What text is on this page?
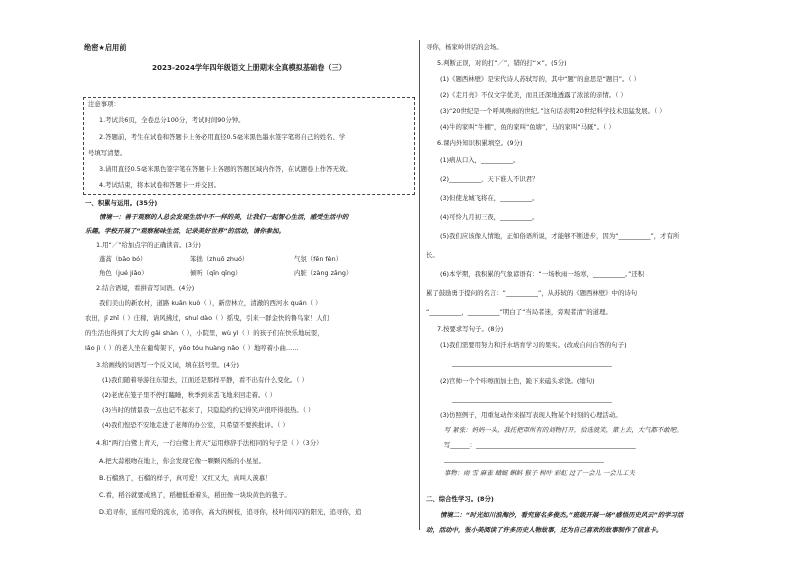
绝密★启用前
2023-2024学年四年级语文上册期末全真模拟基础卷（三）
注意事项：
1.考试共6页，全卷总分100分，考试时间90分钟。
2.答题前，考生在试卷和答题卡上务必用直径0.5毫米黑色墨水签字笔将自己的姓名、学
号填写清楚。
3.请用直径0.5毫米黑色签字笔在答题卡上各题的答题区域内作答，在试题卷上作答无效。
4.考试结束，将本试卷和答题卡一并交回。
一、积累与运用。(35分)
情境一：善于观察的人总会发现生活中不一样的美，让我们一起智心生活，感受生活中的
乐趣。学校开展了“观察秘味生活，记录美好世界”的活动，请你参加。
1.用“／”给加点字的正确读音。(3分)
蓬蒿（bāo bó）	笨拙（zhuō zhuó）	气氛（fēn fèn）
角色（jué jiǎo）	倾听（qīn qīng）	内脏（zàng zāng）
2.结合语境，看拼音写词语。(4分)
我们美山的新农村，道路 kuān kuò（ ），新房林立，清澈的西河水 quán（ ）
农田，jī zhǐ（ ）庄稼，请风拂过，shuí dào（ ）摇曳，引来一群金快的鲁鸟家！人们
的生活也得到了大大的 gǎi shàn（ ），小院里，wù yì（ ）的孩子们在快乐地玩耍，
lǎo jì（ ）的老人坐在葡萄架下，yōo tóu huàng nǎo（ ）地哼着小曲……
3.给画线的词语写一个反义词，填在括号里。(4分)
(1)我们随着导游往东望去，江面还是那样平静，看不出有什么变化。（ ）
(2)老虎在笼子里不停打瞌睡，秋季到来丢飞地来回走着。（ ）
(3)当时的情景我一点也记不起来了，只隐隐约约记得笑声很吓得很热。（ ）
(4)我们惶恐不安地走进了老师的办公室，只希望不要挨批评。（ ）
4.和“两行白鹭上青天，一行白鹭上青天”运用修辞手法相同的句子是（ ）（3分）
A.把大蒜根吻在地上，你会发现它像一颗颗闪烁的小星星。
B.石榴熟了，石榴的样子，真可爱！又红又大，真叫人羡慕！
C.看，稻谷就要成熟了，稻穗低垂着头，稻田像一块块黄色的毯子。
D.追寻你，延绵可爱的流水，追寻你，高大的树枝，追寻你，枝叶间闪闪的阳光，追寻你，追
寻你，杨家岭讲话的会场。
5.判断正误，对的打“／”，错的打“×”。(5分)
(1)《题西林壁》是宋代诗人苏轼写的，其中“题”的意思是“题目”。（ ）
(2)《走月亮》不仅文字优美，而且还深地透露了浓浓的亲情。（ ）
(3)“20世纪是一个呼风唤雨的世纪。”这句话表明20世纪科学技术迅猛发展。（ ）
(4)牛的家叫“牛棚”，鱼的家叫“鱼塘”，马的家叫“马厩”。（ ）
6.课内外知识积累填空。(9分)
(1)病从口入，__________。
(2)__________，天下谁人不识君？
(3)但使龙城飞将在，__________。
(4)可怜九月初三夜，__________。
(5)我们应该像人情地，正如俗语所说，才能够不断进步，因为“__________”，才有所
长。
(6)本学期，我积累的气象谚语有：“一场秋雨一场寒，__________。”还积
累了鼓励勇于提问的名言：“__________”，从苏轼的《题西林壁》中的诗句
“__________，__________”明白了“当局者迷，旁观者清”的道理。
7.按要求写句子。(8分)
(1)我们需要用努力和汗水培育学习的果实。(改成自问自答的句子)
__________________________________________________
(2)官帅一个个咔嚓面加土色，跪下来磕头求饶。(缩句)
__________________________________________________
(3)仿照例子，用重复动作来描写表现人物某个时刻的心理活动。
写 紧张：妈妈一头，我托把罩所有的刘物打开，恰选就笑，第上去，大气都不敢吧。
写______：__________________________________________________
__________________________________________________
事物：雨 雪 麻雀 蜻蜓 蝌蚪 猴子 树叶 彩虹 过了一会儿 一会儿工夫
二、综合性学习。(8分)
情境二：“时光如川浪淘沙，看究留名多俊杰。”班级开展一场“感悟历史风云”的学习活
动，活动中，张小美阅读了许多历史人物故事，还为自己喜欢的故事制作了信息卡。
